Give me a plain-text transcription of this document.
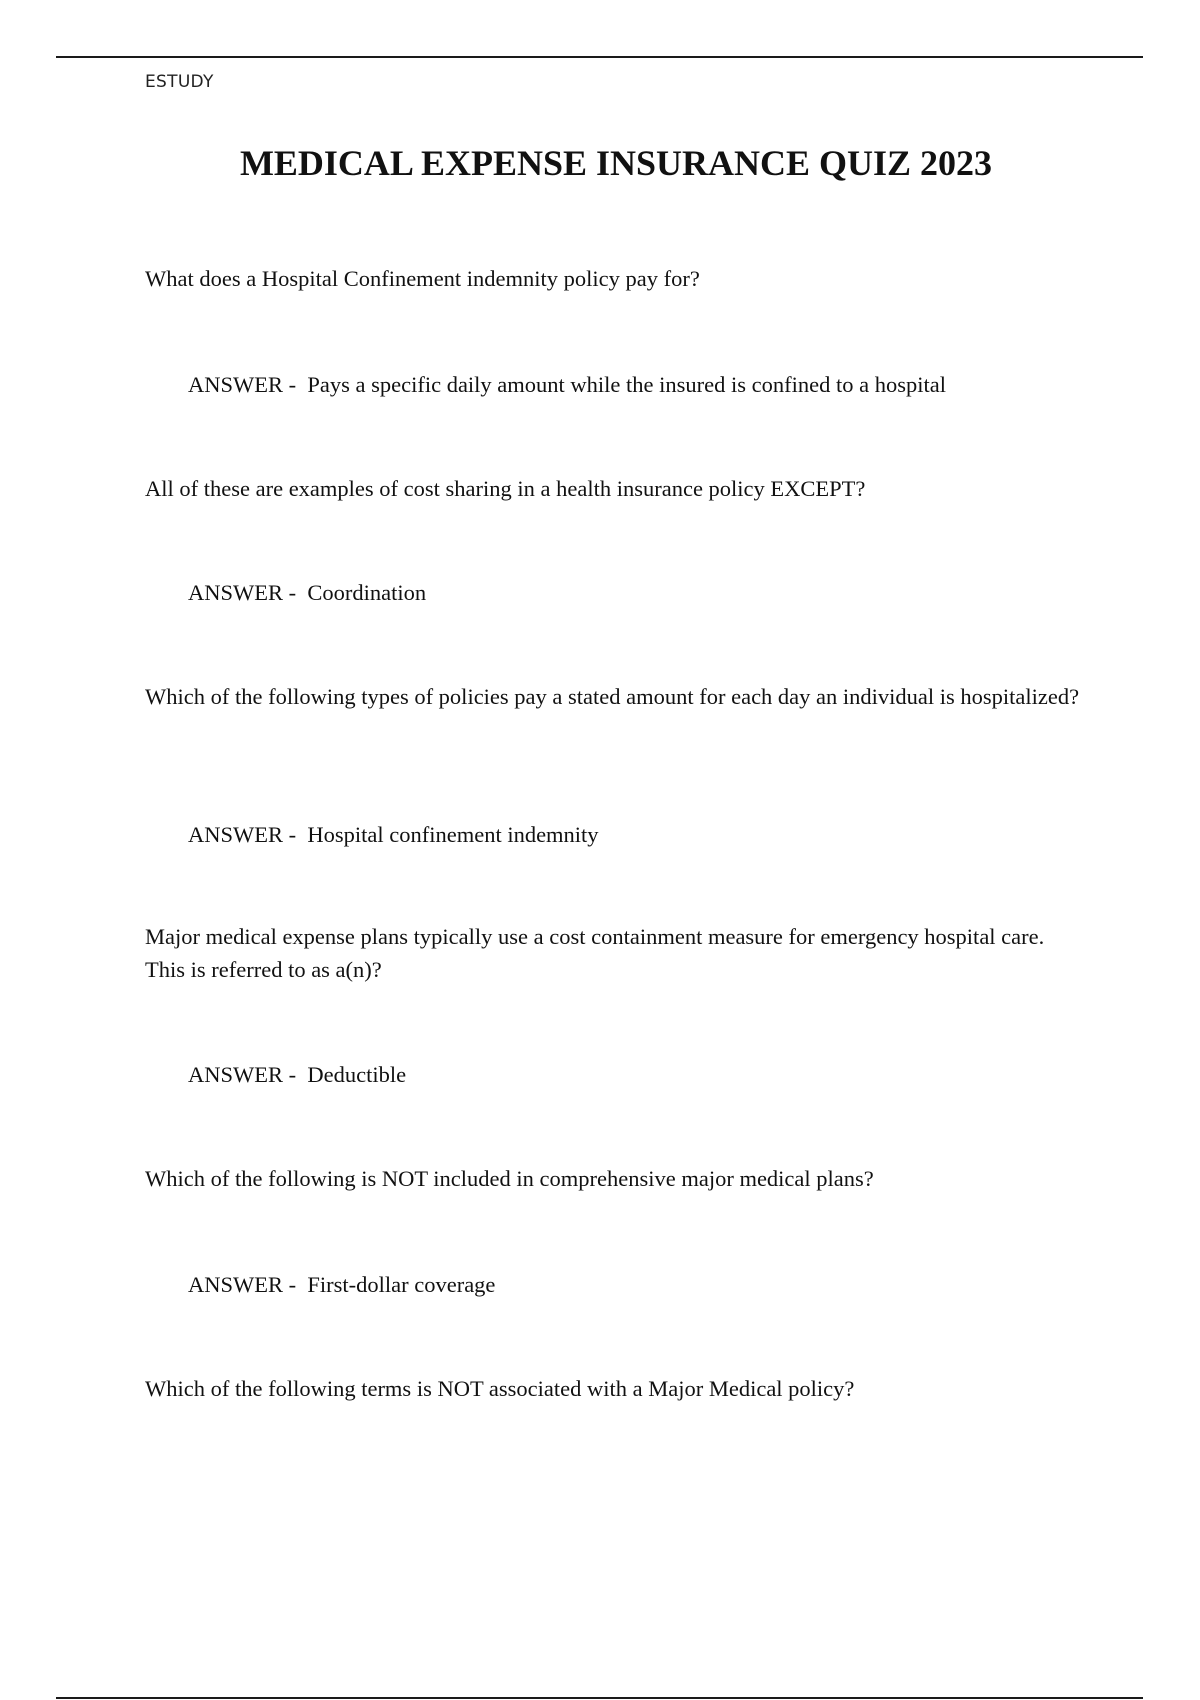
ESTUDY
MEDICAL EXPENSE INSURANCE QUIZ 2023

What does a Hospital Confinement indemnity policy pay for?

ANSWER -  Pays a specific daily amount while the insured is confined to a hospital

All of these are examples of cost sharing in a health insurance policy EXCEPT?

ANSWER -  Coordination

Which of the following types of policies pay a stated amount for each day an individual is hospitalized?

ANSWER -  Hospital confinement indemnity

Major medical expense plans typically use a cost containment measure for emergency hospital care. This is referred to as a(n)?

ANSWER -  Deductible

Which of the following is NOT included in comprehensive major medical plans?

ANSWER -  First-dollar coverage

Which of the following terms is NOT associated with a Major Medical policy?
